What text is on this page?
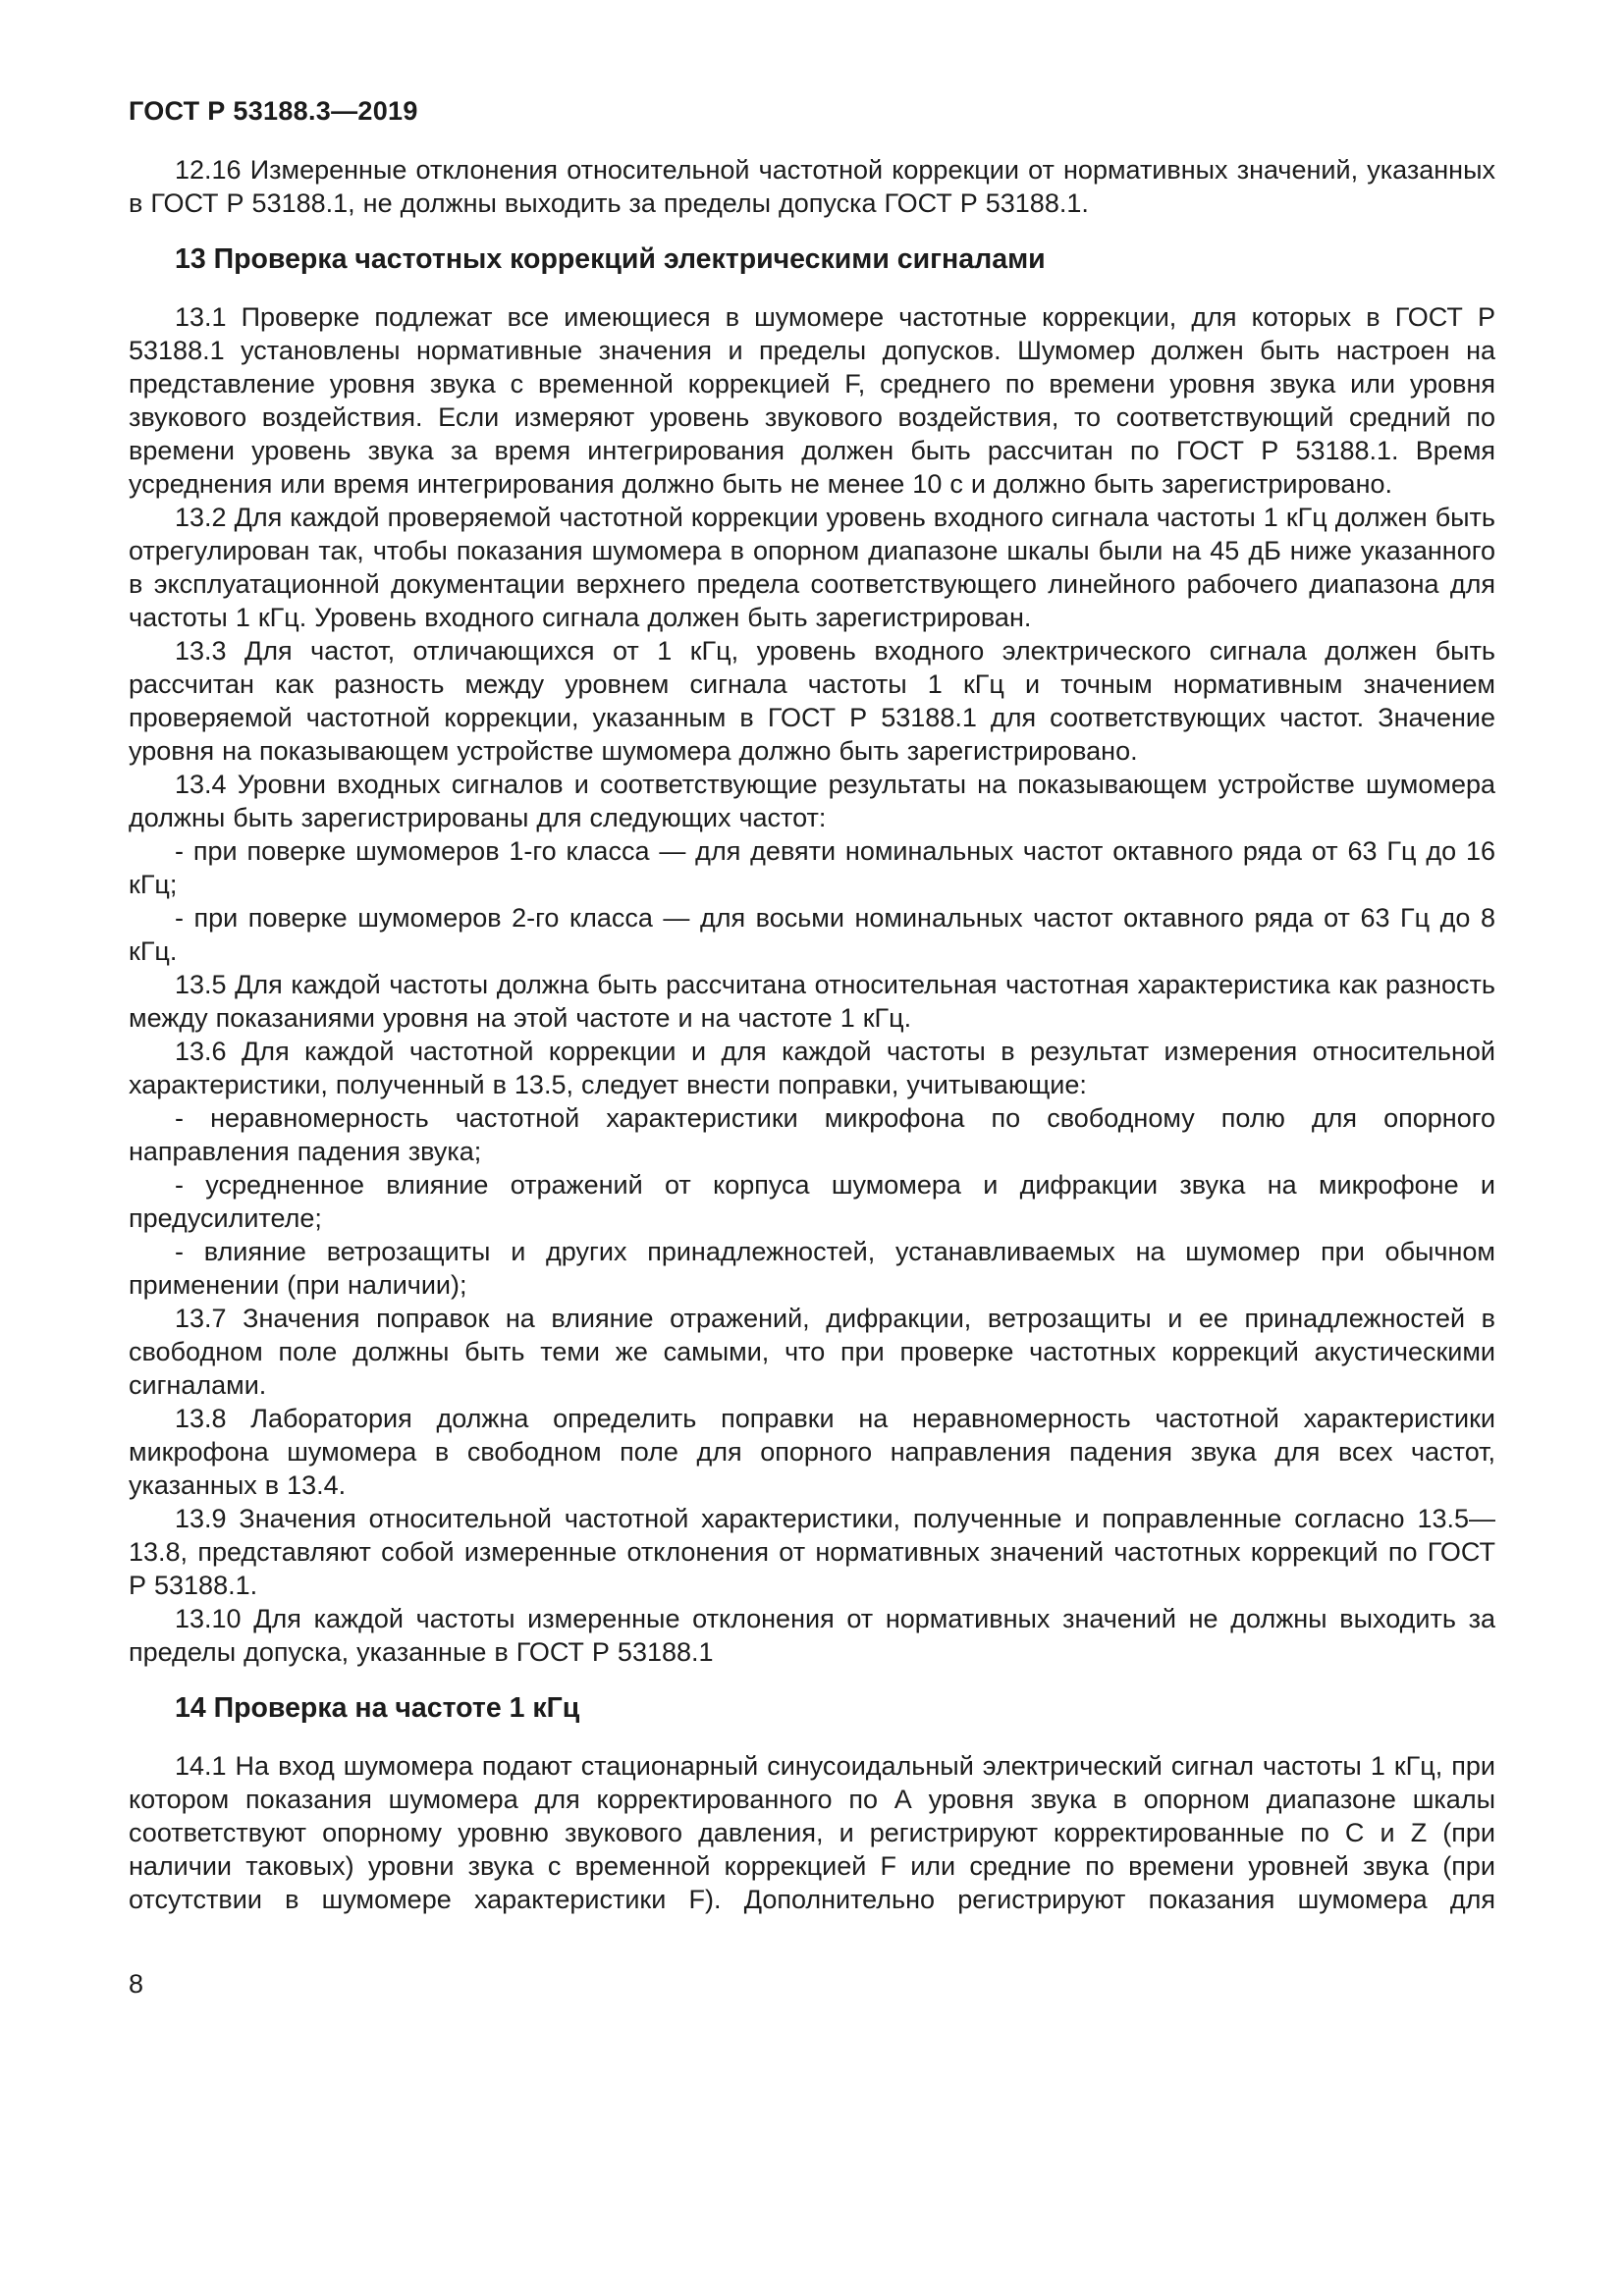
ГОСТ Р 53188.3—2019
12.16 Измеренные отклонения относительной частотной коррекции от нормативных значений, указанных в ГОСТ Р 53188.1, не должны выходить за пределы допуска ГОСТ Р 53188.1.
13 Проверка частотных коррекций электрическими сигналами
13.1 Проверке подлежат все имеющиеся в шумомере частотные коррекции, для которых в ГОСТ Р 53188.1 установлены нормативные значения и пределы допусков. Шумомер должен быть настроен на представление уровня звука с временной коррекцией F, среднего по времени уровня звука или уровня звукового воздействия. Если измеряют уровень звукового воздействия, то соответствующий средний по времени уровень звука за время интегрирования должен быть рассчитан по ГОСТ Р 53188.1. Время усреднения или время интегрирования должно быть не менее 10 с и должно быть зарегистрировано.
13.2 Для каждой проверяемой частотной коррекции уровень входного сигнала частоты 1 кГц должен быть отрегулирован так, чтобы показания шумомера в опорном диапазоне шкалы были на 45 дБ ниже указанного в эксплуатационной документации верхнего предела соответствующего линейного рабочего диапазона для частоты 1 кГц. Уровень входного сигнала должен быть зарегистрирован.
13.3 Для частот, отличающихся от 1 кГц, уровень входного электрического сигнала должен быть рассчитан как разность между уровнем сигнала частоты 1 кГц и точным нормативным значением проверяемой частотной коррекции, указанным в ГОСТ Р 53188.1 для соответствующих частот. Значение уровня на показывающем устройстве шумомера должно быть зарегистрировано.
13.4 Уровни входных сигналов и соответствующие результаты на показывающем устройстве шумомера должны быть зарегистрированы для следующих частот:
- при поверке шумомеров 1-го класса — для девяти номинальных частот октавного ряда от 63 Гц до 16 кГц;
- при поверке шумомеров 2-го класса — для восьми номинальных частот октавного ряда от 63 Гц до 8 кГц.
13.5 Для каждой частоты должна быть рассчитана относительная частотная характеристика как разность между показаниями уровня на этой частоте и на частоте 1 кГц.
13.6 Для каждой частотной коррекции и для каждой частоты в результат измерения относительной характеристики, полученный в 13.5, следует внести поправки, учитывающие:
- неравномерность частотной характеристики микрофона по свободному полю для опорного направления падения звука;
- усредненное влияние отражений от корпуса шумомера и дифракции звука на микрофоне и предусилителе;
- влияние ветрозащиты и других принадлежностей, устанавливаемых на шумомер при обычном применении (при наличии);
13.7 Значения поправок на влияние отражений, дифракции, ветрозащиты и ее принадлежностей в свободном поле должны быть теми же самыми, что при проверке частотных коррекций акустическими сигналами.
13.8 Лаборатория должна определить поправки на неравномерность частотной характеристики микрофона шумомера в свободном поле для опорного направления падения звука для всех частот, указанных в 13.4.
13.9 Значения относительной частотной характеристики, полученные и поправленные согласно 13.5—13.8, представляют собой измеренные отклонения от нормативных значений частотных коррекций по ГОСТ Р 53188.1.
13.10 Для каждой частоты измеренные отклонения от нормативных значений не должны выходить за пределы допуска, указанные в ГОСТ Р 53188.1
14 Проверка на частоте 1 кГц
14.1 На вход шумомера подают стационарный синусоидальный электрический сигнал частоты 1 кГц, при котором показания шумомера для корректированного по А уровня звука в опорном диапазоне шкалы соответствуют опорному уровню звукового давления, и регистрируют корректированные по C и Z (при наличии таковых) уровни звука с временной коррекцией F или средние по времени уровней звука (при отсутствии в шумомере характеристики F). Дополнительно регистрируют показания шумомера для
8
